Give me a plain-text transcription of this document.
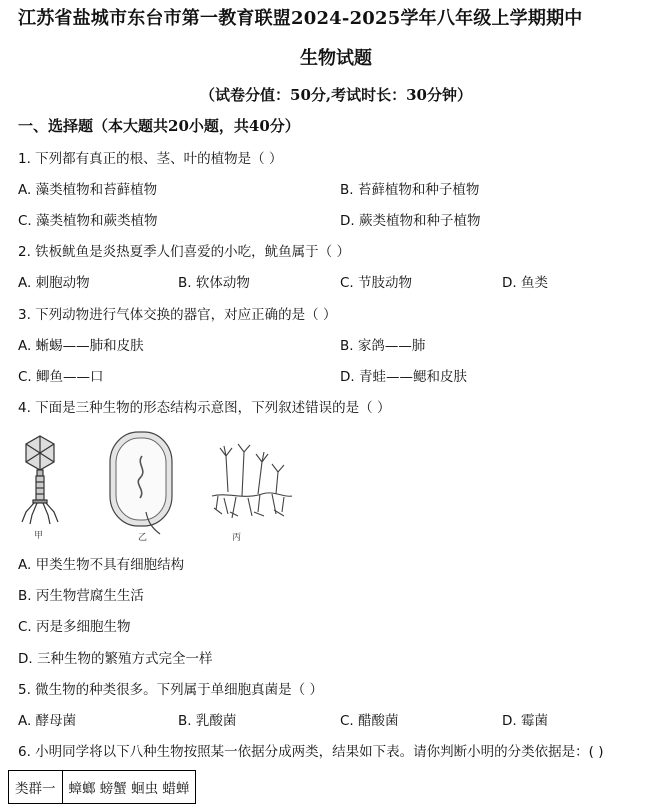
江苏省盐城市东台市第一教育联盟2024-2025学年八年级上学期期中
生物试题
（试卷分值：50分,考试时长：30分钟）
一、选择题（本大题共20小题，共40分）
1. 下列都有真正的根、茎、叶的植物是（ ）
A. 藻类植物和苔藓植物	B. 苔藓植物和种子植物
C. 藻类植物和蕨类植物	D. 蕨类植物和种子植物
2. 铁板鱿鱼是炎热夏季人们喜爱的小吃，鱿鱼属于（ ）
A. 刺胞动物	B. 软体动物	C. 节肢动物	D. 鱼类
3. 下列动物进行气体交换的器官，对应正确的是（ ）
A. 蜥蜴——肺和皮肤	B. 家鸽——肺
C. 鲫鱼——口	D. 青蛙——鳃和皮肤
4. 下面是三种生物的形态结构示意图，下列叙述错误的是（ ）
甲	乙	丙
A. 甲类生物不具有细胞结构
B. 丙生物营腐生生活
C. 丙是多细胞生物
D. 三种生物的繁殖方式完全一样
5. 微生物的种类很多。下列属于单细胞真菌是（ ）
A. 酵母菌	B. 乳酸菌	C. 醋酸菌	D. 霉菌
6. 小明同学将以下八种生物按照某一依据分成两类，结果如下表。请你判断小明的分类依据是：( )
类群一	蟑螂 螃蟹 蛔虫 蜡蝉
